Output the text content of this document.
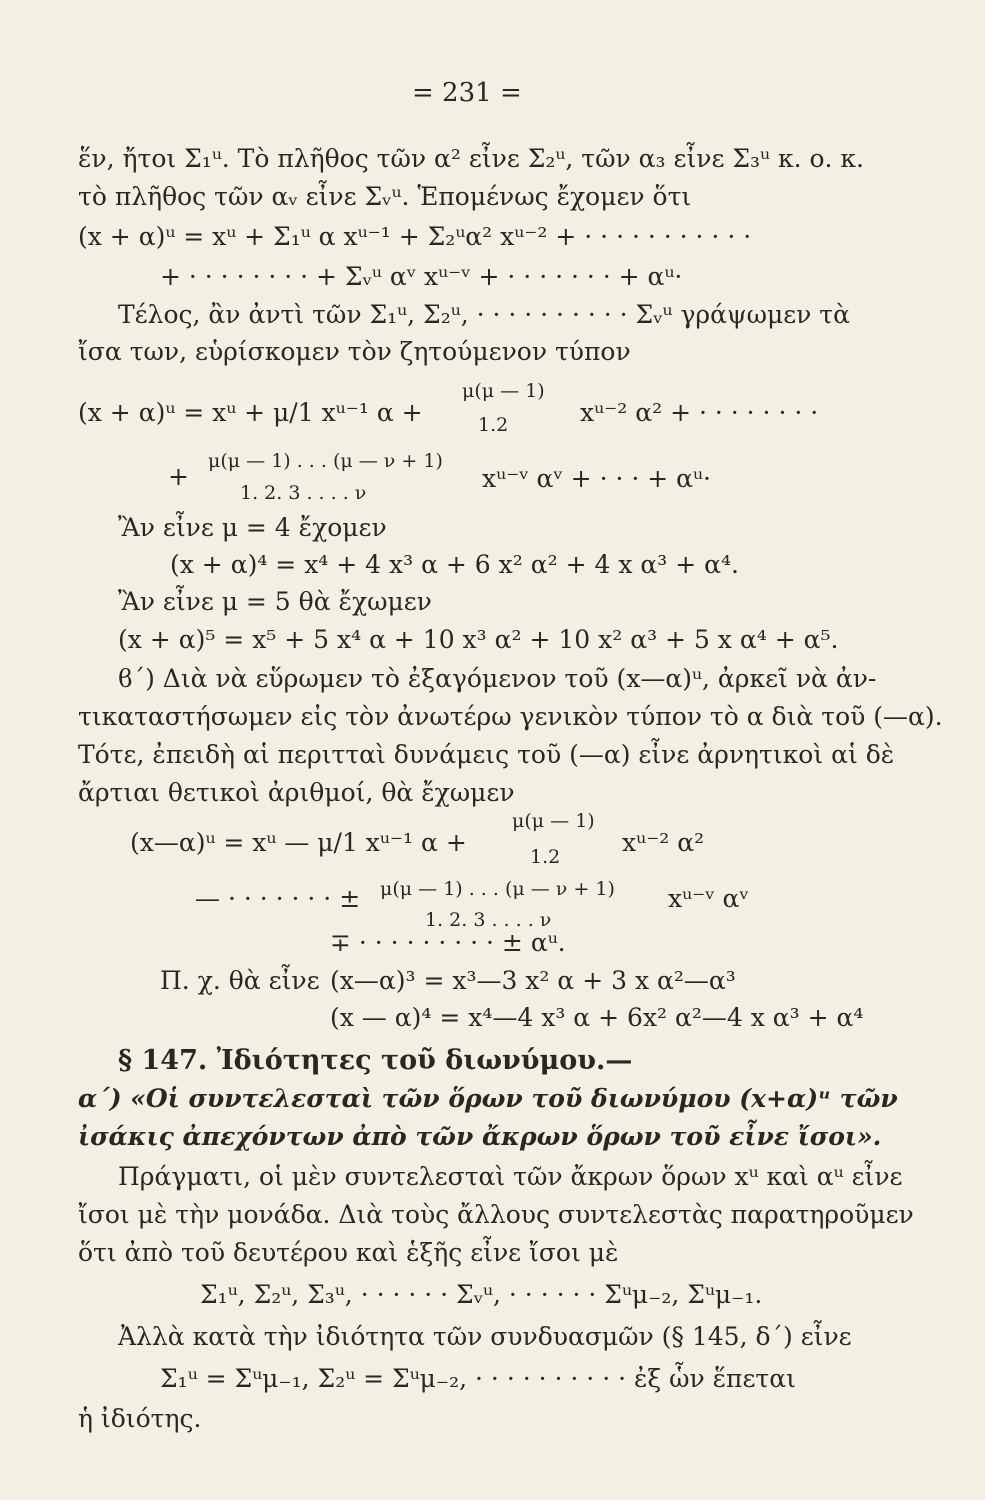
= 231 =
ἕν, ἤτοι Σ₁ᵘ. Τὸ πλῆθος τῶν α² εἶνε Σ₂ᵘ, τῶν α₃ εἶνε Σ₃ᵘ κ. ο. κ.
τὸ πλῆθος τῶν αᵥ εἶνε Σᵥᵘ. Ἑπομένως ἔχομεν ὅτι
(x + α)ᵘ = xᵘ + Σ₁ᵘ α xᵘ⁻¹ + Σ₂ᵘα² xᵘ⁻² + · · · · · · · · · · ·
+ · · · · · · · · + Σᵥᵘ αᵛ xᵘ⁻ᵛ + · · · · · · · + αᵘ·
Τέλος, ἂν ἀντὶ τῶν Σ₁ᵘ, Σ₂ᵘ, · · · · · · · · · · Σᵥᵘ γράψωμεν τὰ
ἴσα των, εὑρίσκομεν τὸν ζητούμενον τύπον
μ(μ — 1)
(x + α)ᵘ = xᵘ + μ/1 xᵘ⁻¹ α +	xᵘ⁻² α² + · · · · · · · ·
1.2
μ(μ — 1) . . . (μ — ν + 1)
+	xᵘ⁻ᵛ αᵛ + · · · + αᵘ·
1. 2. 3 . . . . ν
Ἂν εἶνε μ = 4 ἔχομεν
(x + α)⁴ = x⁴ + 4 x³ α + 6 x² α² + 4 x α³ + α⁴.
Ἂν εἶνε μ = 5 θὰ ἔχωμεν
(x + α)⁵ = x⁵ + 5 x⁴ α + 10 x³ α² + 10 x² α³ + 5 x α⁴ + α⁵.
ϐ΄) Διὰ νὰ εὕρωμεν τὸ ἐξαγόμενον τοῦ (x—α)ᵘ, ἀρκεῖ νὰ ἀν-
τικαταστήσωμεν εἰς τὸν ἀνωτέρω γενικὸν τύπον τὸ α διὰ τοῦ (—α).
Τότε, ἐπειδὴ αἱ περιτταὶ δυνάμεις τοῦ (—α) εἶνε ἀρνητικοὶ αἱ δὲ
ἄρτιαι θετικοὶ ἀριθμοί, θὰ ἔχωμεν
μ(μ — 1)
(x—α)ᵘ = xᵘ — μ/1 xᵘ⁻¹ α +	xᵘ⁻² α²
1.2
μ(μ — 1) . . . (μ — ν + 1)
— · · · · · · · ±	xᵘ⁻ᵛ αᵛ
1. 2. 3 . . . . ν
∓ · · · · · · · · · ± αᵘ.
Π. χ. θὰ εἶνε (x—α)³ = x³—3 x² α + 3 x α²—α³
(x — α)⁴ = x⁴—4 x³ α + 6x² α²—4 x α³ + α⁴
§ 147. Ἰδιότητες τοῦ διωνύμου.—
α΄) «Οἱ συντελεσταὶ τῶν ὅρων τοῦ διωνύμου (x+α)ᵘ τῶν
ἰσάκις ἀπεχόντων ἀπὸ τῶν ἄκρων ὅρων τοῦ εἶνε ἴσοι».
Πράγματι, οἱ μὲν συντελεσταὶ τῶν ἄκρων ὅρων xᵘ καὶ αᵘ εἶνε
ἴσοι μὲ τὴν μονάδα. Διὰ τοὺς ἄλλους συντελεστὰς παρατηροῦμεν
ὅτι ἀπὸ τοῦ δευτέρου καὶ ἑξῆς εἶνε ἴσοι μὲ
Σ₁ᵘ, Σ₂ᵘ, Σ₃ᵘ, · · · · · · Σᵥᵘ, · · · · · · Σᵘμ₋₂, Σᵘμ₋₁.
Ἀλλὰ κατὰ τὴν ἰδιότητα τῶν συνδυασμῶν (§ 145, δ΄) εἶνε
Σ₁ᵘ = Σᵘμ₋₁, Σ₂ᵘ = Σᵘμ₋₂, · · · · · · · · · · ἐξ ὧν ἕπεται
ἡ ἰδιότης.
